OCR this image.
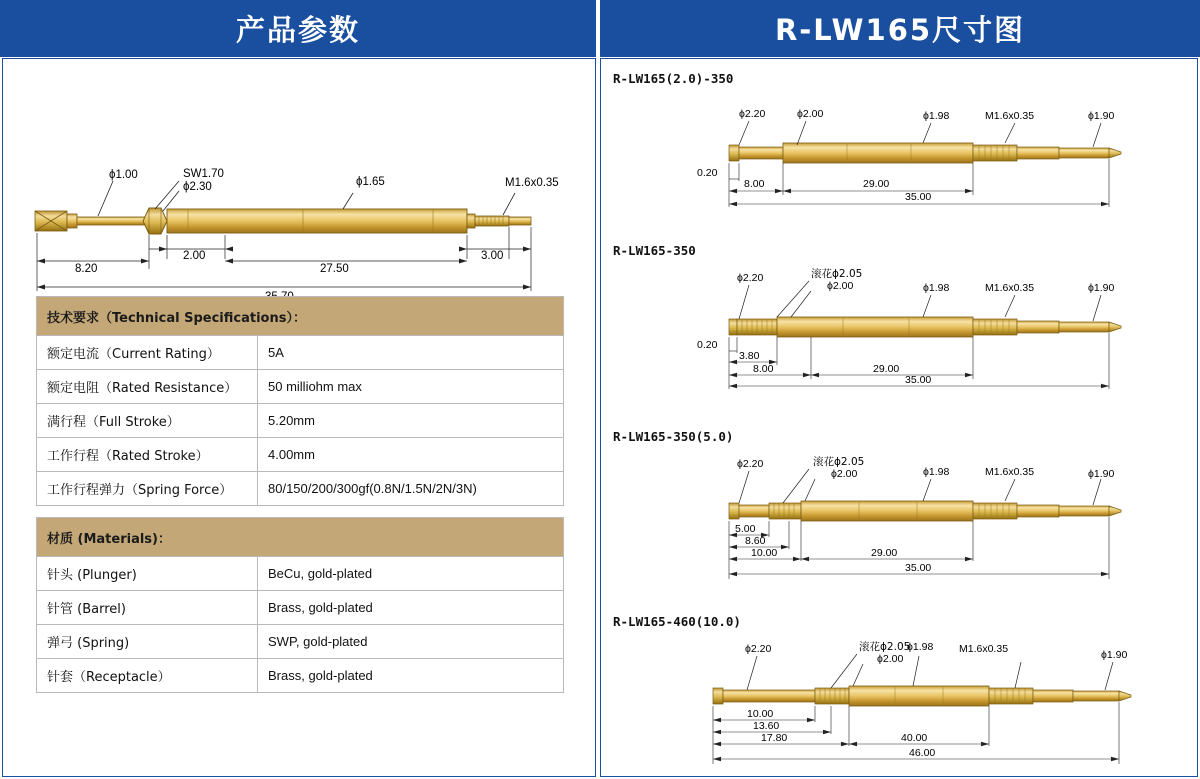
产品参数	R-LW165尺寸图
ϕ1.00	SW1.70
ϕ2.30	ϕ1.65	M1.6x0.35
8.20
2.00
27.50
3.00
技术要求（Technical Specifications）：	
额定电流（Current Rating）	5A
额定电阻（Rated Resistance）	50 milliohm max
满行程（Full Stroke）	5.20mm
工作行程（Rated Stroke）	4.00mm
工作行程弹力（Spring Force）	80/150/200/300gf(0.8N/1.5N/2N/3N)
材质 (Materials)：	
针头 (Plunger)	BeCu, gold-plated
针管 (Barrel)	Brass, gold-plated
弹弓 (Spring)	SWP, gold-plated
针套（Receptacle）	Brass, gold-plated
R-LW165(2.0)-350
ϕ2.20	ϕ2.00	ϕ1.98	M1.6x0.35	ϕ1.90
0.20
8.00	29.00
35.00
R-LW165-350
ϕ2.20	滚花ϕ2.05
ϕ2.00	ϕ1.98	M1.6x0.35	ϕ1.90
0.20
3.80
8.00	29.00
35.00
R-LW165-350(5.0)
ϕ2.20	滚花ϕ2.05
ϕ2.00	ϕ1.98	M1.6x0.35	ϕ1.90
5.00
8.60
10.00	29.00
35.00
R-LW165-460(10.0)
ϕ2.20	滚花ϕ2.05
ϕ2.00
ϕ1.98 M1.6x0.35	ϕ1.90
10.00
13.60
17.80	40.00
46.00
